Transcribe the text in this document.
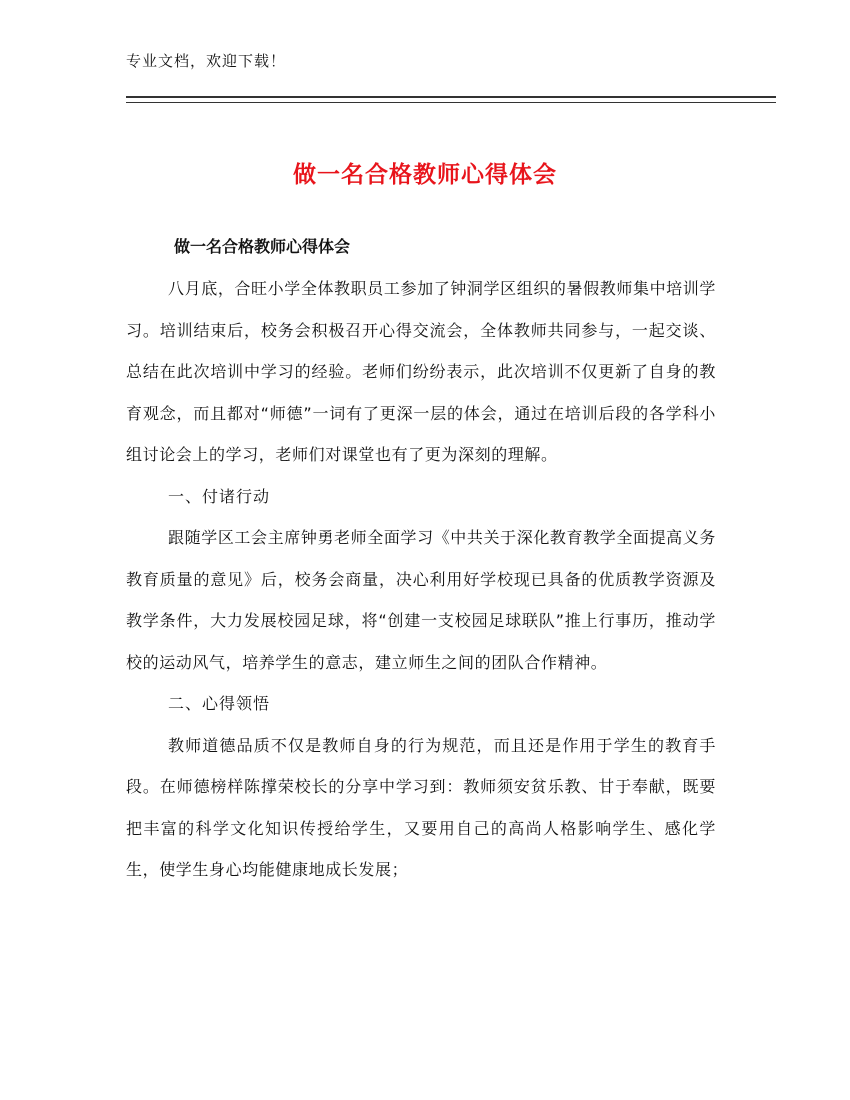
专业文档，欢迎下载！
做一名合格教师心得体会

做一名合格教师心得体会

八月底，合旺小学全体教职员工参加了钟洞学区组织的暑假教师集中培训学习。培训结束后，校务会积极召开心得交流会，全体教师共同参与，一起交谈、总结在此次培训中学习的经验。老师们纷纷表示，此次培训不仅更新了自身的教育观念，而且都对“师德”一词有了更深一层的体会，通过在培训后段的各学科小组讨论会上的学习，老师们对课堂也有了更为深刻的理解。

一、付诸行动

跟随学区工会主席钟勇老师全面学习《中共关于深化教育教学全面提高义务教育质量的意见》后，校务会商量，决心利用好学校现已具备的优质教学资源及教学条件，大力发展校园足球，将“创建一支校园足球联队”推上行事历，推动学校的运动风气，培养学生的意志，建立师生之间的团队合作精神。

二、心得领悟

教师道德品质不仅是教师自身的行为规范，而且还是作用于学生的教育手段。在师德榜样陈撑荣校长的分享中学习到：教师须安贫乐教、甘于奉献，既要把丰富的科学文化知识传授给学生，又要用自己的高尚人格影响学生、感化学生，使学生身心均能健康地成长发展；
